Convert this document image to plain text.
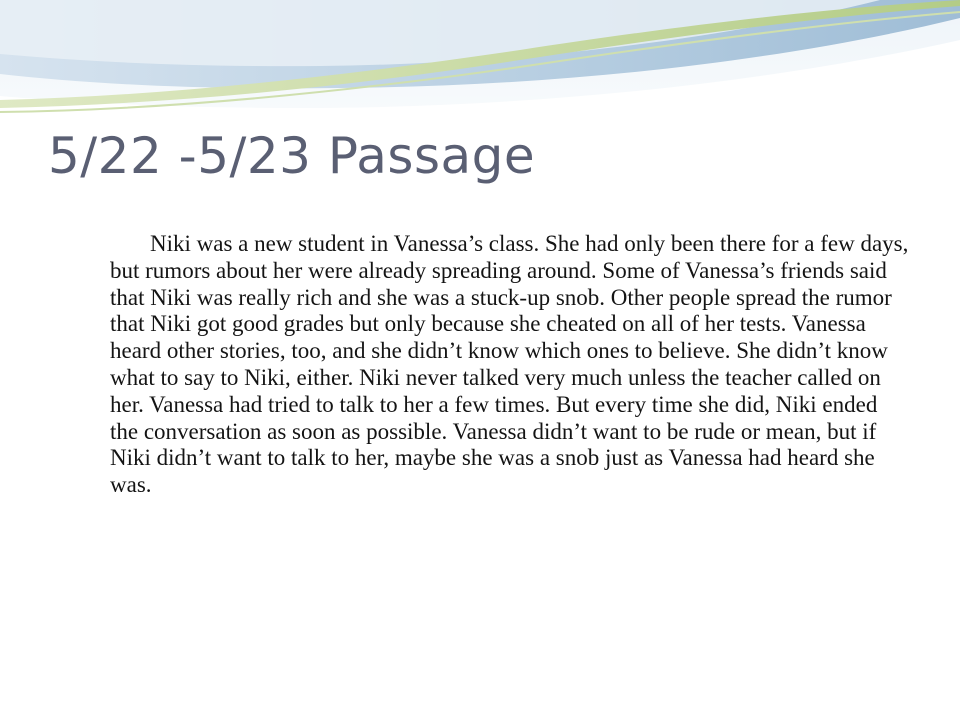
5/22 -5/23 Passage

Niki was a new student in Vanessa’s class. She had only been there for a few days, but rumors about her were already spreading around. Some of Vanessa’s friends said that Niki was really rich and she was a stuck-up snob. Other people spread the rumor that Niki got good grades but only because she cheated on all of her tests. Vanessa heard other stories, too, and she didn’t know which ones to believe. She didn’t know what to say to Niki, either. Niki never talked very much unless the teacher called on her. Vanessa had tried to talk to her a few times. But every time she did, Niki ended the conversation as soon as possible. Vanessa didn’t want to be rude or mean, but if Niki didn’t want to talk to her, maybe she was a snob just as Vanessa had heard she was.
